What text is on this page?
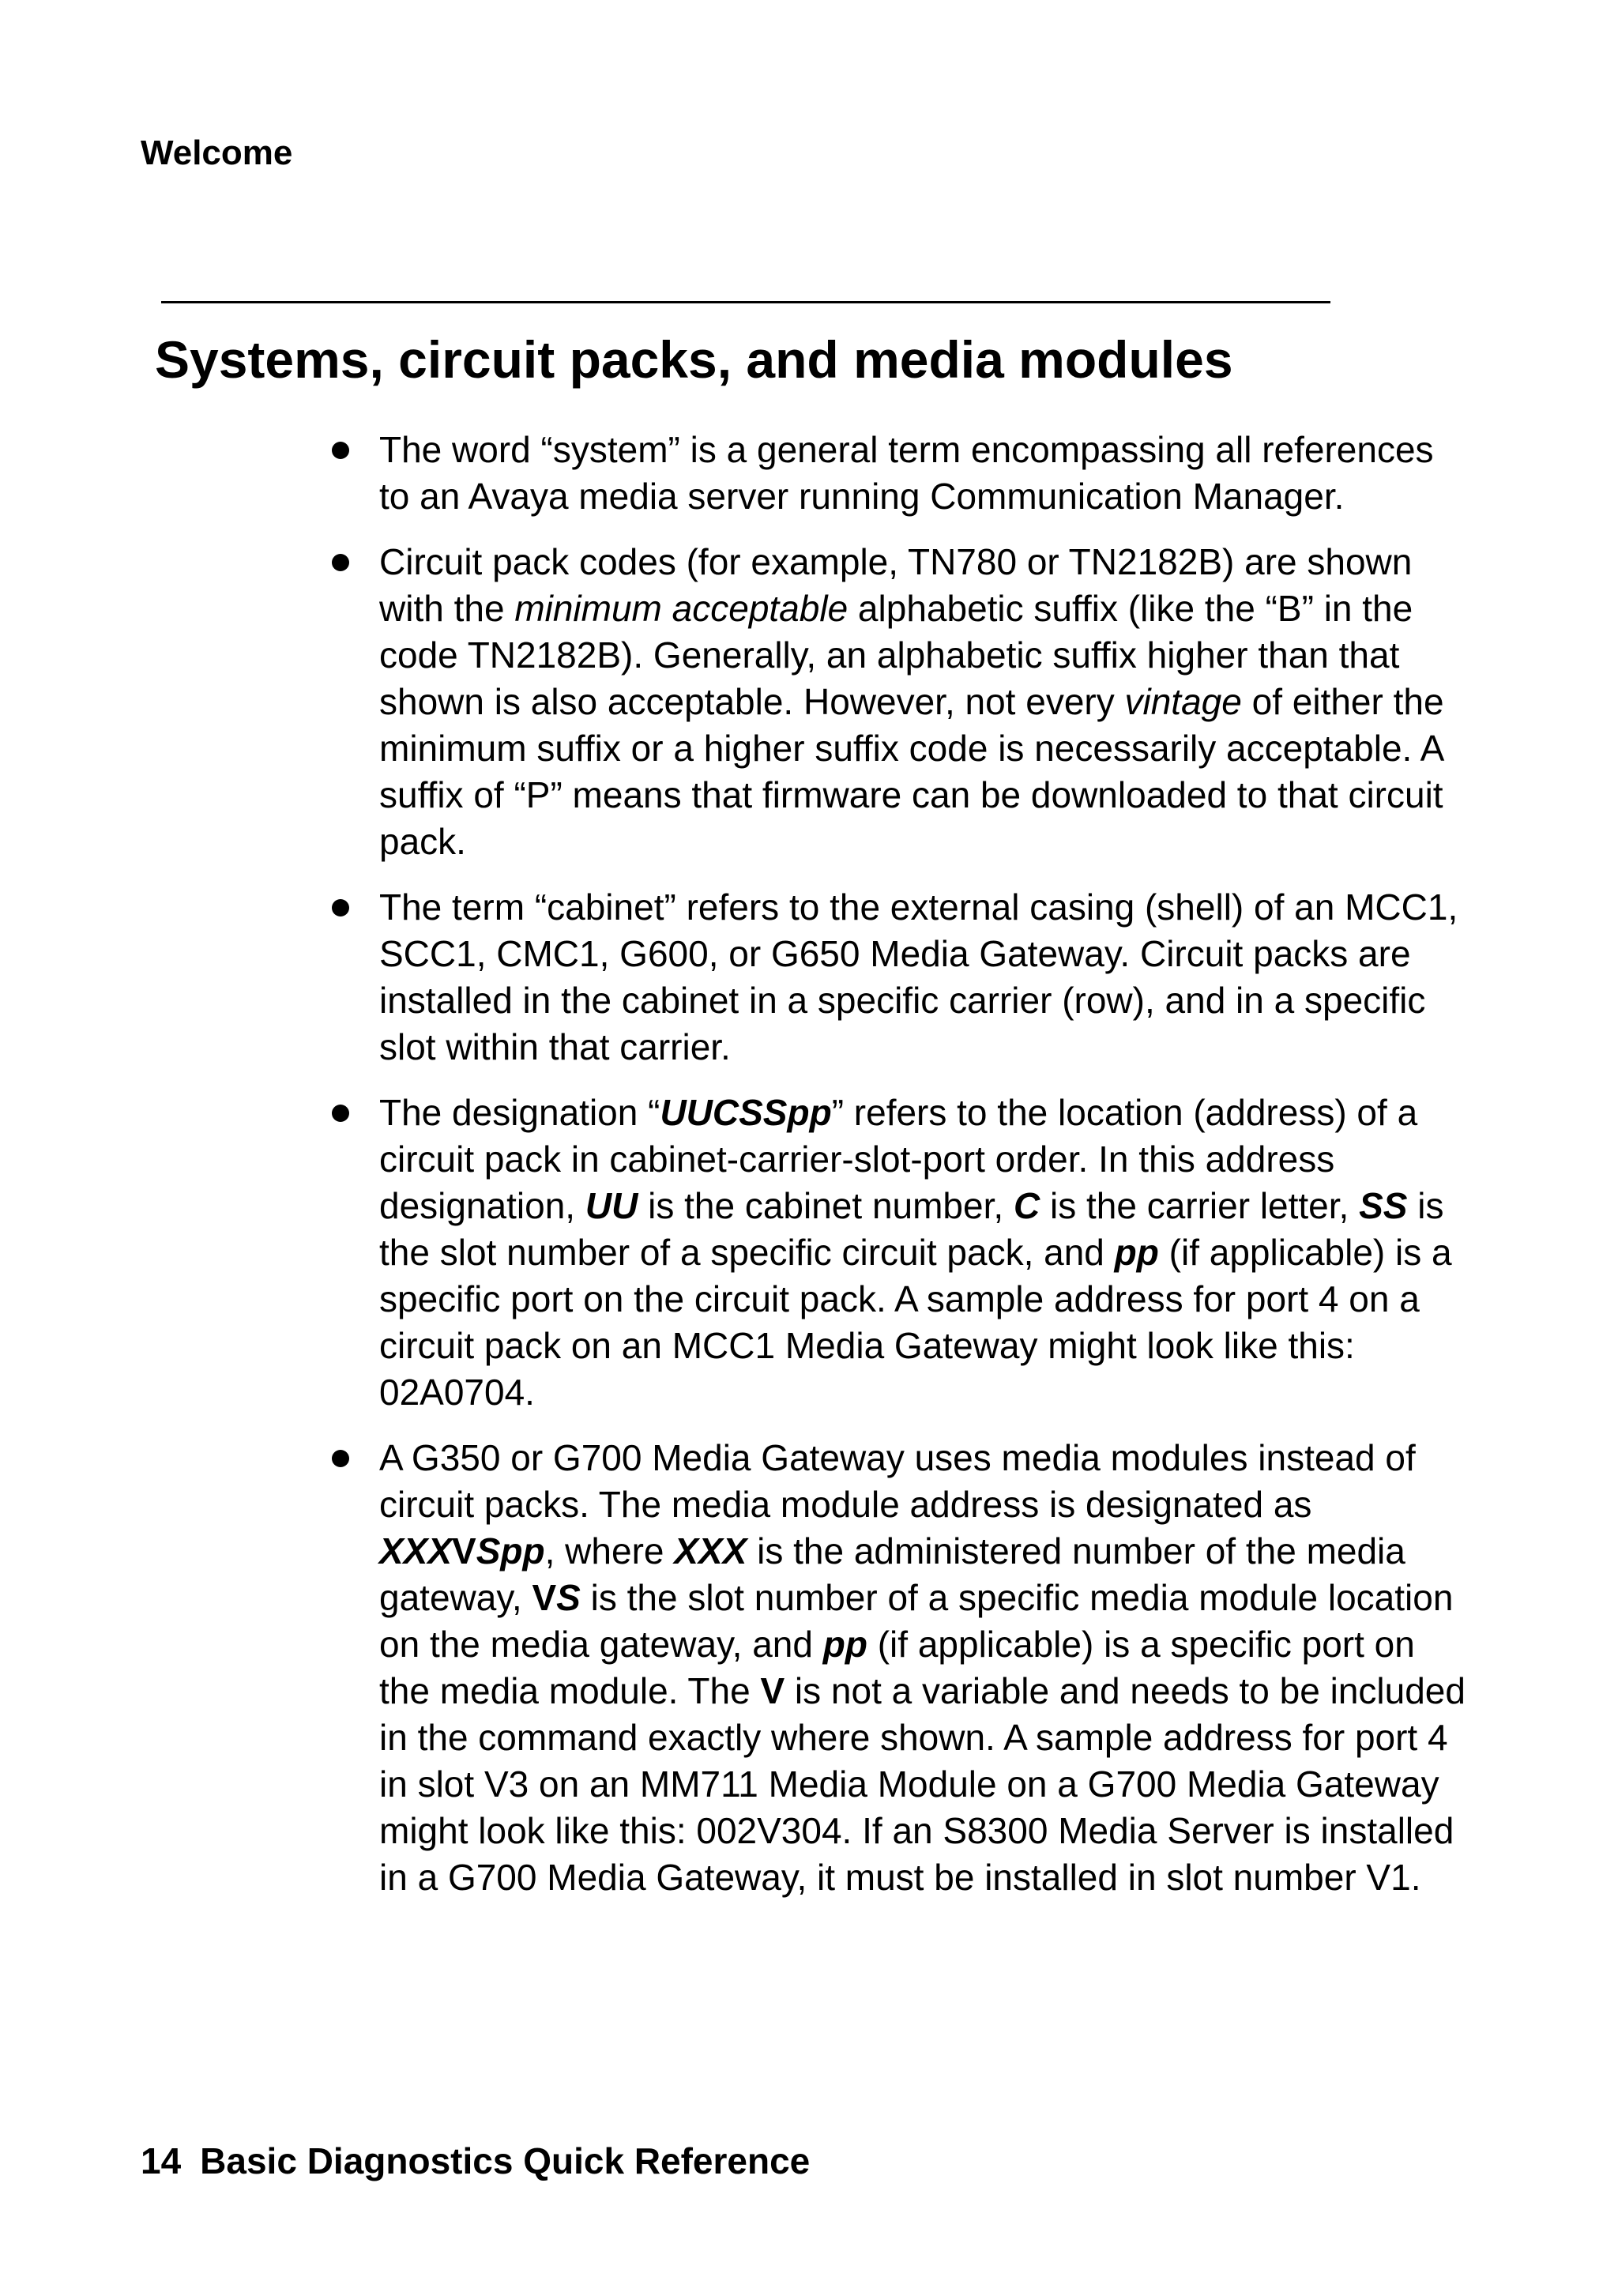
Welcome

Systems, circuit packs, and media modules
The word “system” is a general term encompassing all references to an Avaya media server running Communication Manager.
Circuit pack codes (for example, TN780 or TN2182B) are shown with the minimum acceptable alphabetic suffix (like the “B” in the code TN2182B). Generally, an alphabetic suffix higher than that shown is also acceptable. However, not every vintage of either the minimum suffix or a higher suffix code is necessarily acceptable. A suffix of “P” means that firmware can be downloaded to that circuit pack.
The term “cabinet” refers to the external casing (shell) of an MCC1, SCC1, CMC1, G600, or G650 Media Gateway. Circuit packs are installed in the cabinet in a specific carrier (row), and in a specific slot within that carrier.
The designation “UUCSSpp” refers to the location (address) of a circuit pack in cabinet-carrier-slot-port order. In this address designation, UU is the cabinet number, C is the carrier letter, SS is the slot number of a specific circuit pack, and pp (if applicable) is a specific port on the circuit pack. A sample address for port 4 on a circuit pack on an MCC1 Media Gateway might look like this: 02A0704.
A G350 or G700 Media Gateway uses media modules instead of circuit packs. The media module address is designated as XXXVSpp, where XXX is the administered number of the media gateway, VS is the slot number of a specific media module location on the media gateway, and pp (if applicable) is a specific port on the media module. The V is not a variable and needs to be included in the command exactly where shown. A sample address for port 4 in slot V3 on an MM711 Media Module on a G700 Media Gateway might look like this: 002V304. If an S8300 Media Server is installed in a G700 Media Gateway, it must be installed in slot number V1.

14 Basic Diagnostics Quick Reference
